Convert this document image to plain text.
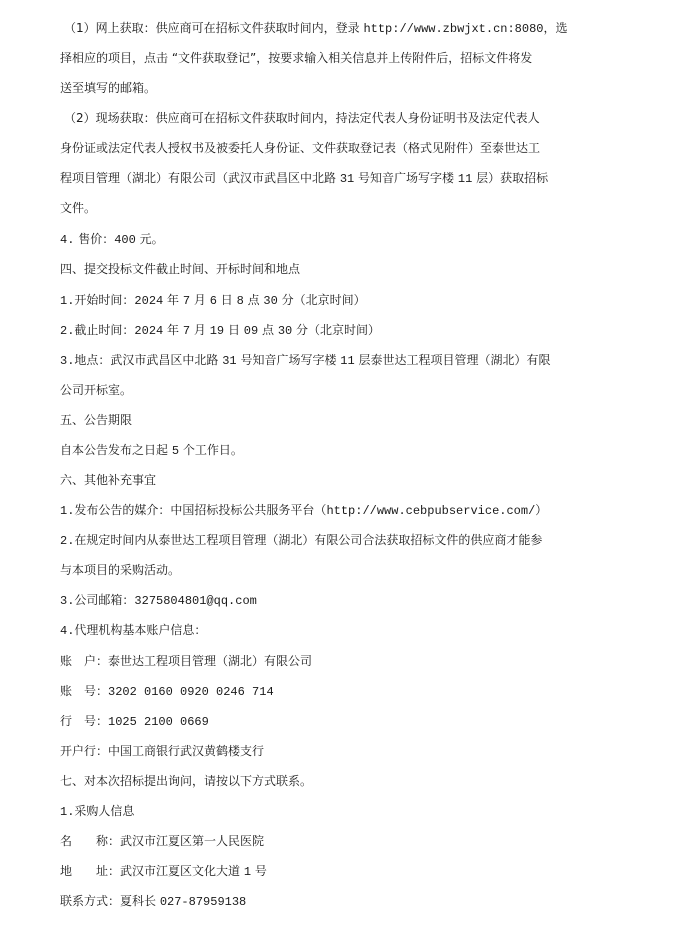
（1）网上获取：供应商可在招标文件获取时间内，登录 http://www.zbwjxt.cn:8080，选
择相应的项目，点击 “文件获取登记”，按要求输入相关信息并上传附件后，招标文件将发
送至填写的邮箱。
（2）现场获取：供应商可在招标文件获取时间内，持法定代表人身份证明书及法定代表人
身份证或法定代表人授权书及被委托人身份证、文件获取登记表（格式见附件）至泰世达工
程项目管理（湖北）有限公司（武汉市武昌区中北路 31 号知音广场写字楼 11 层）获取招标
文件。
4. 售价：400 元。
四、提交投标文件截止时间、开标时间和地点
1.开始时间：2024 年 7 月 6 日 8 点 30 分（北京时间）
2.截止时间：2024 年 7 月 19 日 09 点 30 分（北京时间）
3.地点：武汉市武昌区中北路 31 号知音广场写字楼 11 层泰世达工程项目管理（湖北）有限
公司开标室。
五、公告期限
自本公告发布之日起 5 个工作日。
六、其他补充事宜
1.发布公告的媒介：中国招标投标公共服务平台（http://www.cebpubservice.com/）
2.在规定时间内从泰世达工程项目管理（湖北）有限公司合法获取招标文件的供应商才能参
与本项目的采购活动。
3.公司邮箱：3275804801@qq.com
4.代理机构基本账户信息：
账　户：泰世达工程项目管理（湖北）有限公司
账　号：3202 0160 0920 0246 714
行　号：1025 2100 0669
开户行：中国工商银行武汉黄鹤楼支行
七、对本次招标提出询问，请按以下方式联系。
1.采购人信息
名　　称：武汉市江夏区第一人民医院
地　　址：武汉市江夏区文化大道 1 号
联系方式：夏科长 027-87959138
